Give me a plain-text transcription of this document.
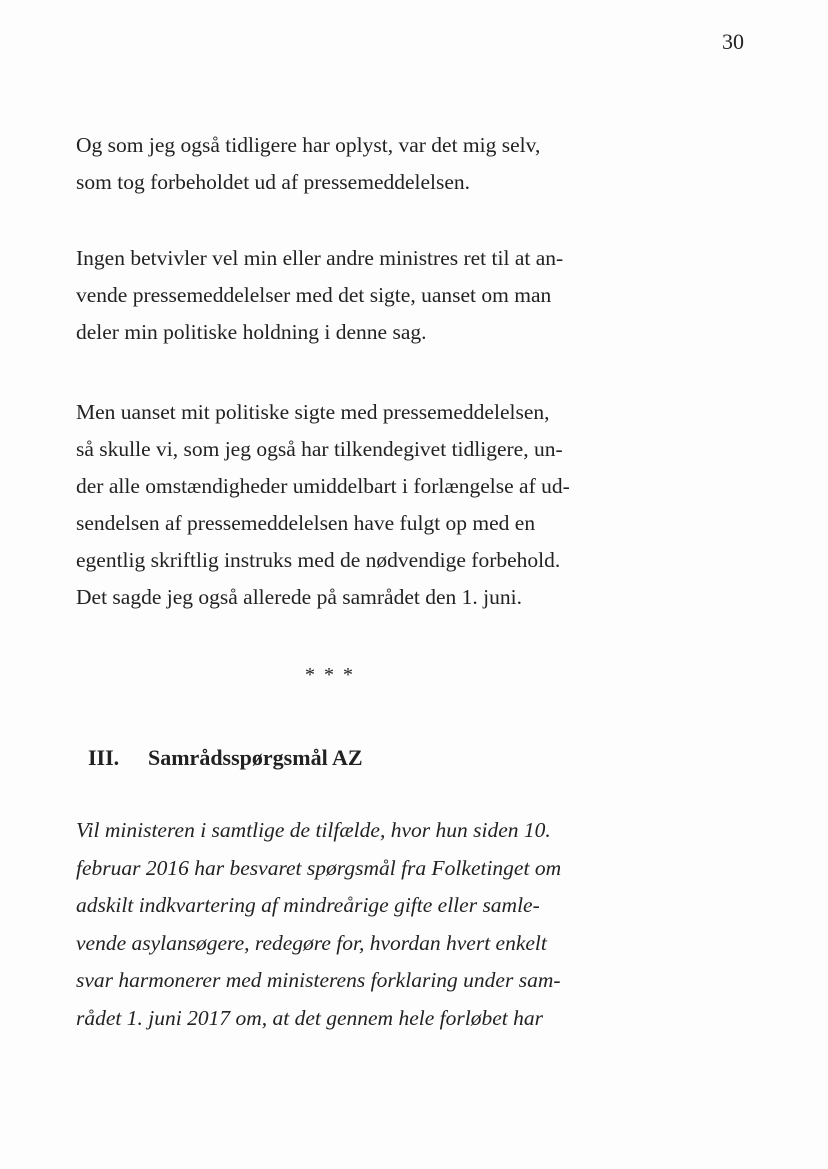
30
Og som jeg også tidligere har oplyst, var det mig selv,
som tog forbeholdet ud af pressemeddelelsen.
Ingen betvivler vel min eller andre ministres ret til at an-
vende pressemeddelelser med det sigte, uanset om man
deler min politiske holdning i denne sag.
Men uanset mit politiske sigte med pressemeddelelsen,
så skulle vi, som jeg også har tilkendegivet tidligere, un-
der alle omstændigheder umiddelbart i forlængelse af ud-
sendelsen af pressemeddelelsen have fulgt op med en
egentlig skriftlig instruks med de nødvendige forbehold.
Det sagde jeg også allerede på samrådet den 1. juni.
* * *
III. Samrådsspørgsmål AZ
Vil ministeren i samtlige de tilfælde, hvor hun siden 10.
februar 2016 har besvaret spørgsmål fra Folketinget om
adskilt indkvartering af mindreårige gifte eller samle-
vende asylansøgere, redegøre for, hvordan hvert enkelt
svar harmonerer med ministerens forklaring under sam-
rådet 1. juni 2017 om, at det gennem hele forløbet har
